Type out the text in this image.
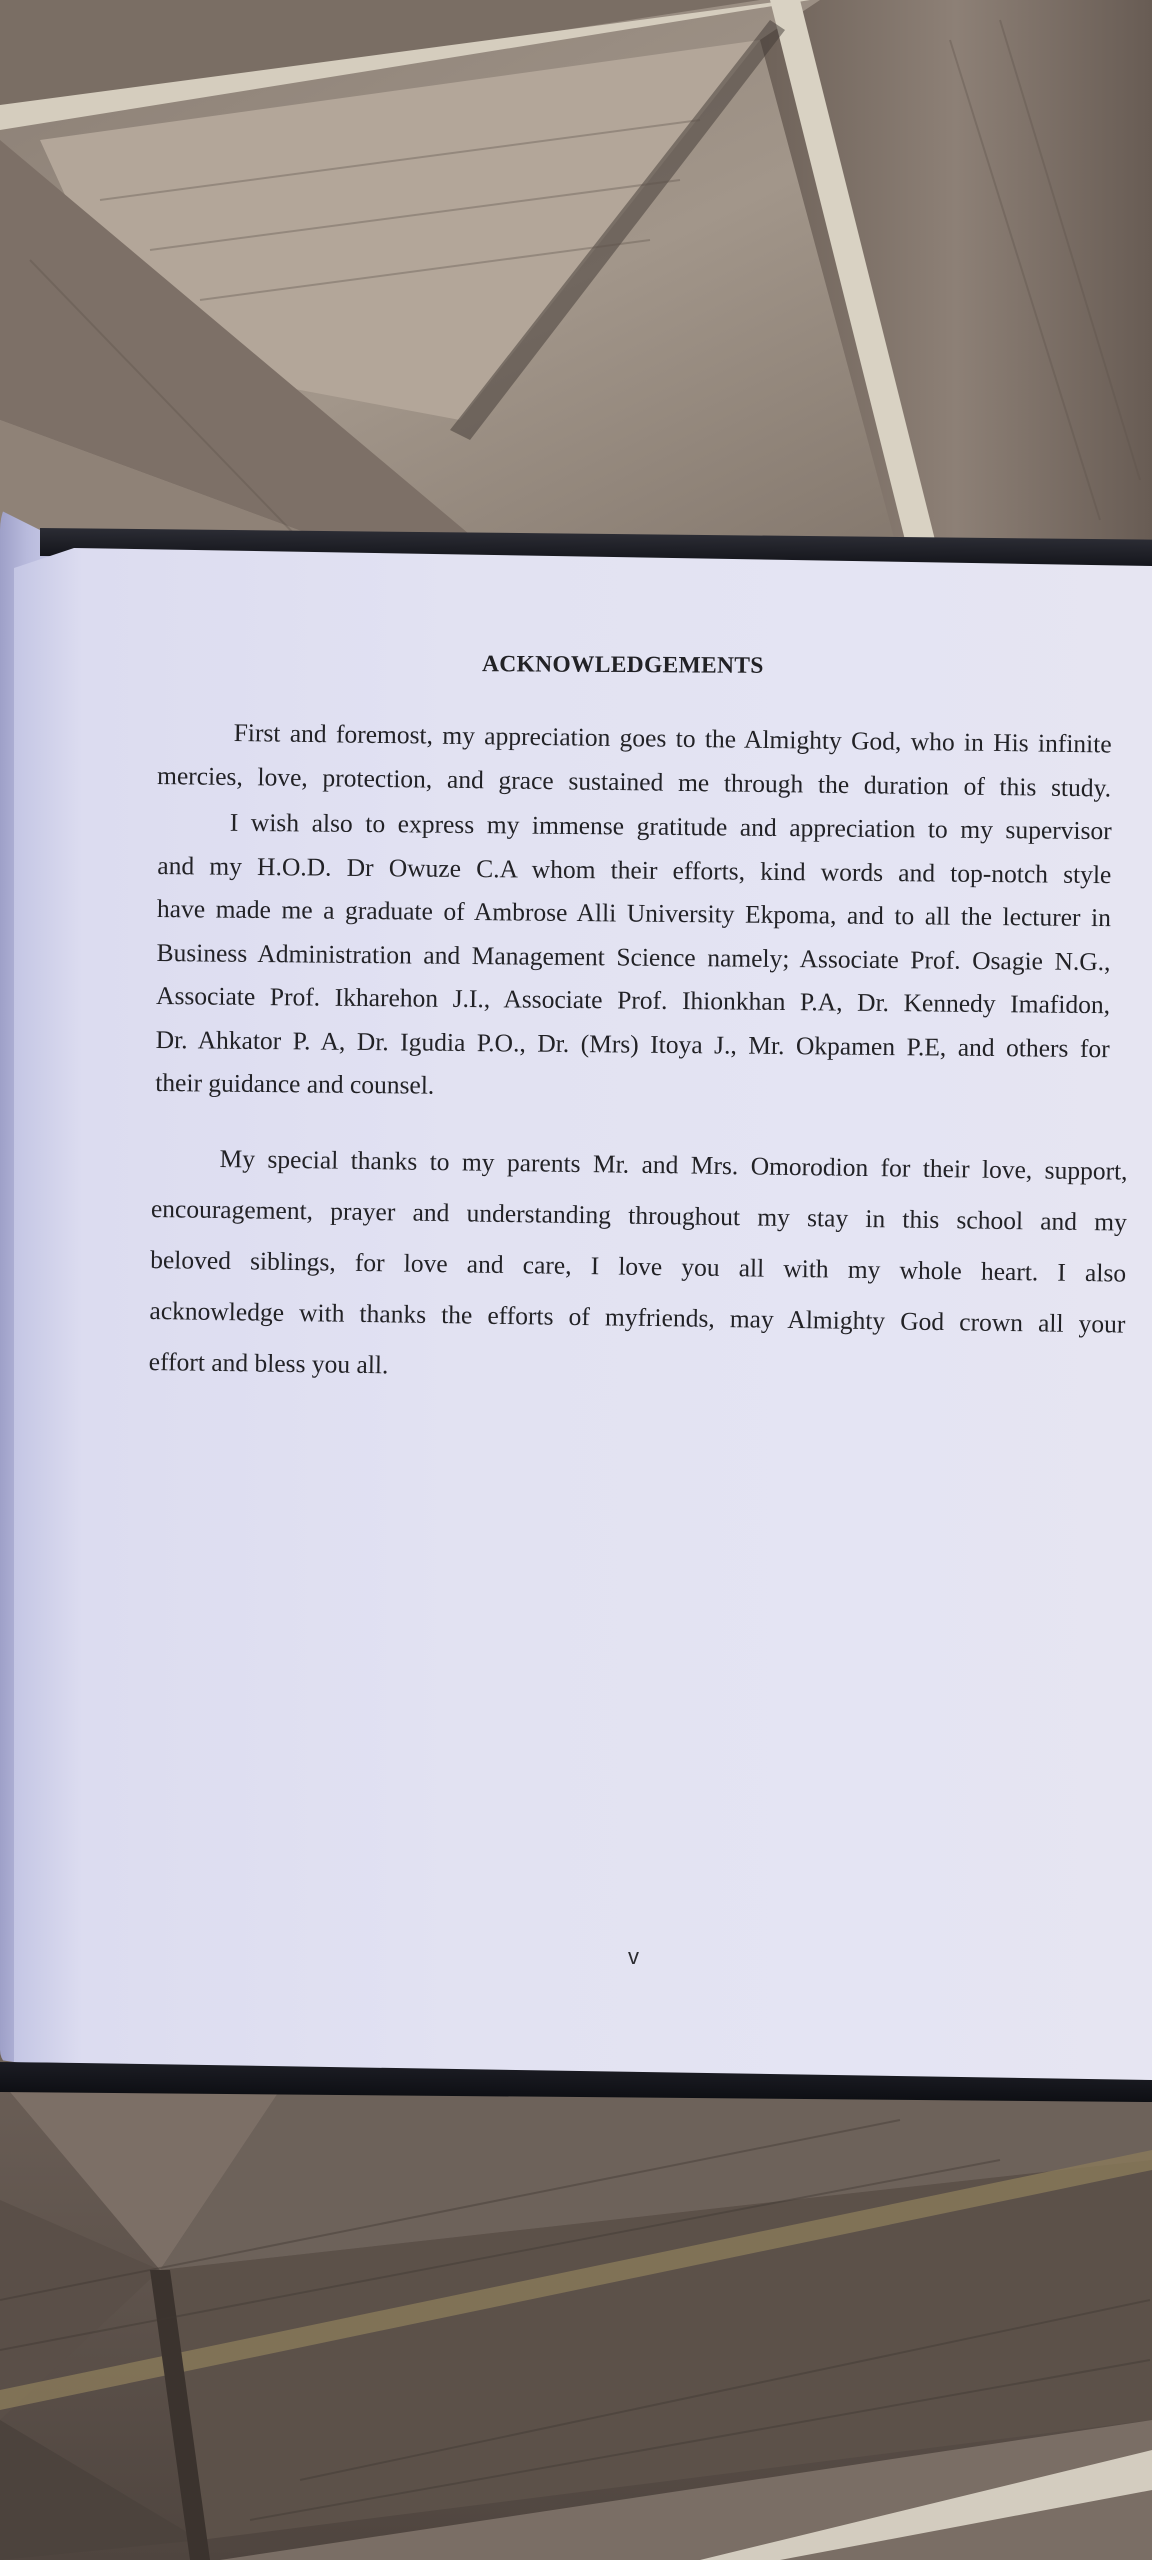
ACKNOWLEDGEMENTS
First and foremost, my appreciation goes to the Almighty God, who in His infinite
mercies, love, protection, and grace sustained me through the duration of this study.
I wish also to express my immense gratitude and appreciation to my supervisor
and my H.O.D. Dr Owuze C.A whom their efforts, kind words and top-notch style
have made me a graduate of Ambrose Alli University Ekpoma, and to all the lecturer in
Business Administration and Management Science namely; Associate Prof. Osagie N.G.,
Associate Prof. Ikharehon J.I., Associate Prof. Ihionkhan P.A, Dr. Kennedy Imafidon,
Dr. Ahkator P. A, Dr. Igudia P.O., Dr. (Mrs) Itoya J., Mr. Okpamen P.E, and others for
their guidance and counsel.
My special thanks to my parents Mr. and Mrs. Omorodion for their love, support,
encouragement, prayer and understanding throughout my stay in this school and my
beloved siblings, for love and care, I love you all with my whole heart. I also
acknowledge with thanks the efforts of myfriends, may Almighty God crown all your
effort and bless you all.
v
